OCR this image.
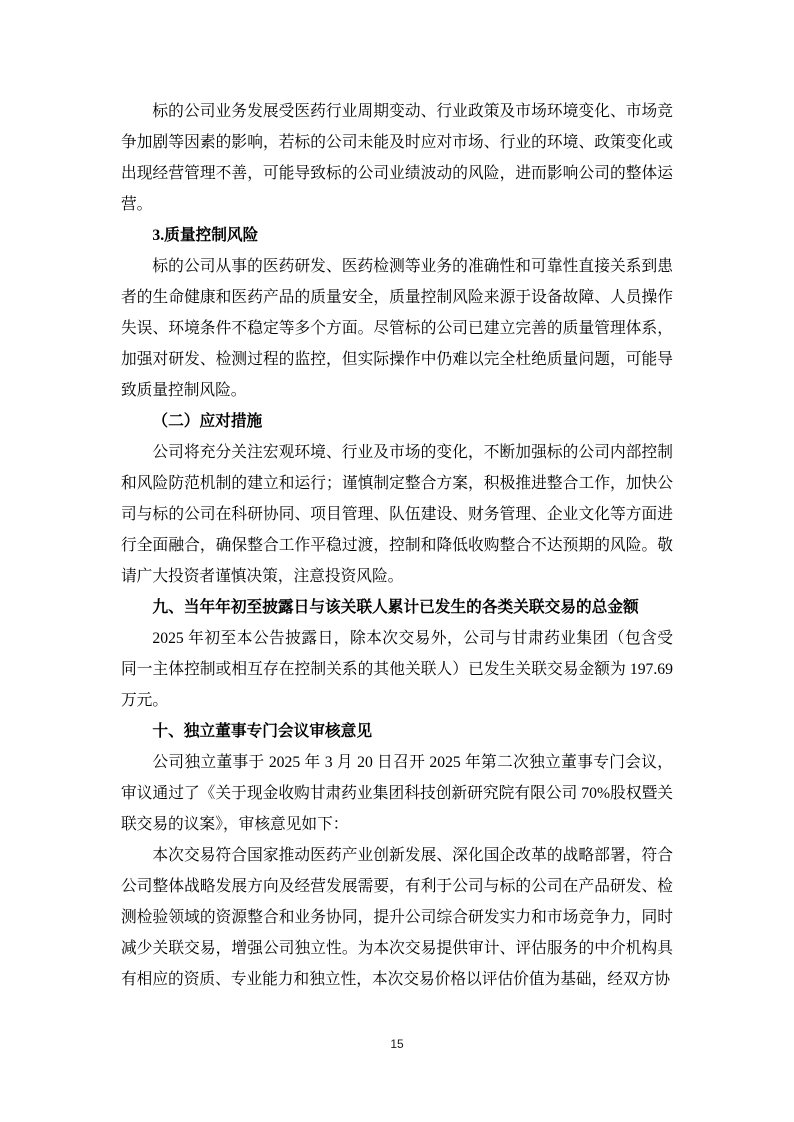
标的公司业务发展受医药行业周期变动、行业政策及市场环境变化、市场竞争加剧等因素的影响，若标的公司未能及时应对市场、行业的环境、政策变化或出现经营管理不善，可能导致标的公司业绩波动的风险，进而影响公司的整体运营。

3.质量控制风险

标的公司从事的医药研发、医药检测等业务的准确性和可靠性直接关系到患者的生命健康和医药产品的质量安全，质量控制风险来源于设备故障、人员操作失误、环境条件不稳定等多个方面。尽管标的公司已建立完善的质量管理体系，加强对研发、检测过程的监控，但实际操作中仍难以完全杜绝质量问题，可能导致质量控制风险。

（二）应对措施

公司将充分关注宏观环境、行业及市场的变化，不断加强标的公司内部控制和风险防范机制的建立和运行；谨慎制定整合方案，积极推进整合工作，加快公司与标的公司在科研协同、项目管理、队伍建设、财务管理、企业文化等方面进行全面融合，确保整合工作平稳过渡，控制和降低收购整合不达预期的风险。敬请广大投资者谨慎决策，注意投资风险。

九、当年年初至披露日与该关联人累计已发生的各类关联交易的总金额

2025 年初至本公告披露日，除本次交易外，公司与甘肃药业集团（包含受同一主体控制或相互存在控制关系的其他关联人）已发生关联交易金额为 197.69 万元。

十、独立董事专门会议审核意见

公司独立董事于 2025 年 3 月 20 日召开 2025 年第二次独立董事专门会议，审议通过了《关于现金收购甘肃药业集团科技创新研究院有限公司 70%股权暨关联交易的议案》，审核意见如下：

本次交易符合国家推动医药产业创新发展、深化国企改革的战略部署，符合公司整体战略发展方向及经营发展需要，有利于公司与标的公司在产品研发、检测检验领域的资源整合和业务协同，提升公司综合研发实力和市场竞争力，同时减少关联交易，增强公司独立性。为本次交易提供审计、评估服务的中介机构具有相应的资质、专业能力和独立性，本次交易价格以评估价值为基础，经双方协

15
